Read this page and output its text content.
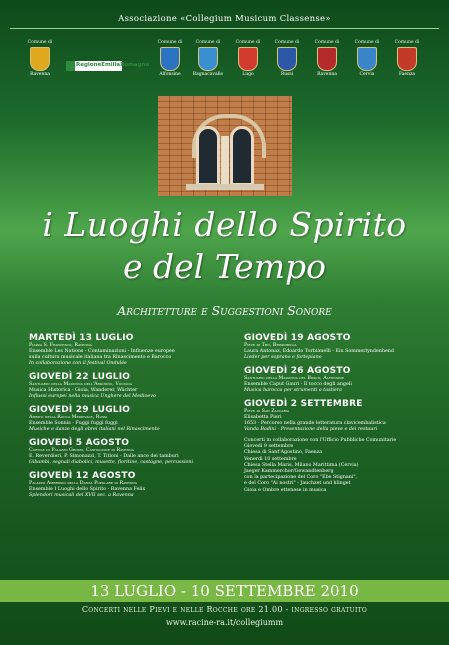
Associazione «Collegium Musicum Classense»
Comune di
Ravenna
Comune di
Alfonsine
Comune di
Bagnacavallo
Comune di
Lugo
Comune di
Russi
Comune di
Ravenna
Comune di
Cervia
Comune di
Faenza
RegioneEmiliaRomagna
i Luoghi dello Spirito
e del Tempo
Architetture e Suggestioni Sonore
MARTEDÌ 13 LUGLIO
Piazza S. Francesco, Ravenna
Ensemble Les Nations - Contaminazioni - Influenze europee
sulla cultura musicale italiana tra Rinascimento e Barocco
In collaborazione con il festival Ondulée
GIOVEDÌ 22 LUGLIO
Santuario della Madonna dell'Arginino, Voltana
Musica Historica - Gioia, Wanderer, Wächter
Influssi europei nella musica Unghere del Medioevo
GIOVEDÌ 29 LUGLIO
Ambito della Rocca Medievale, Russi
Ensemble Sonnis - Fuggi fuggi fuggi
Musiche e danze degli ebrei italiani nel Rinascimento
GIOVEDÌ 5 AGOSTO
Cortile di Palazzo Grossi, Castiglione di Ravenna
E. Reverdieri, P. Simonazzi, T. Titloni - Dalle ance dei tamburi
Gibambi, segnali diabolici, musette, fioritine, castagne, percussioni
GIOVEDÌ 12 AGOSTO
Palazzo Ambrosio della Danza Popolare di Ravenna
Ensemble I Luoghi dello Spirito - Ravenna Felix
Splendori musicali del XVII sec. a Ravenna
GIOVEDÌ 19 AGOSTO
Pieve di Tho, Brisighella
Laura Antonaz, Edoardo Torbianelli - Ein Sommerlyndenhend
Lieder per soprano e fortepiano
GIOVEDÌ 26 AGOSTO
Santuario della Madonna del Bosco, Alfonsine
Ensemble Caput Gauri - Il tocco degli angeli
Musica barocca per strumenti a tastiera
GIOVEDÌ 2 SETTEMBRE
Pieve di San Zaccaria
Elisabetta Pieri
1653 - Percorso nella grande letteratura clavicembalistica
Vanda Badini - Presentazione della pieve e dei restauri
Concerti in collaborazione con l'Ufficio Pubbliche Comunitarie
Giovedì 9 settembre
Chiesa di Sant'Agostino, Faenza
Venerdì 10 settembre
Chiesa Stella Maris, Milano Marittima (Cervia)
Jaeger Kammerchor/Gewandtenberg
con la partecipazione del Coro "Ebe Stignani",
e del Coro "Ai nostri" - Jauchzet und klinget
Gioia e Ombre ettenese in musica
13 LUGLIO - 10 SETTEMBRE 2010
Concerti nelle Pievi e nelle Rocche ore 21.00 - ingresso gratuito
www.racine-ra.it/collegiumm
